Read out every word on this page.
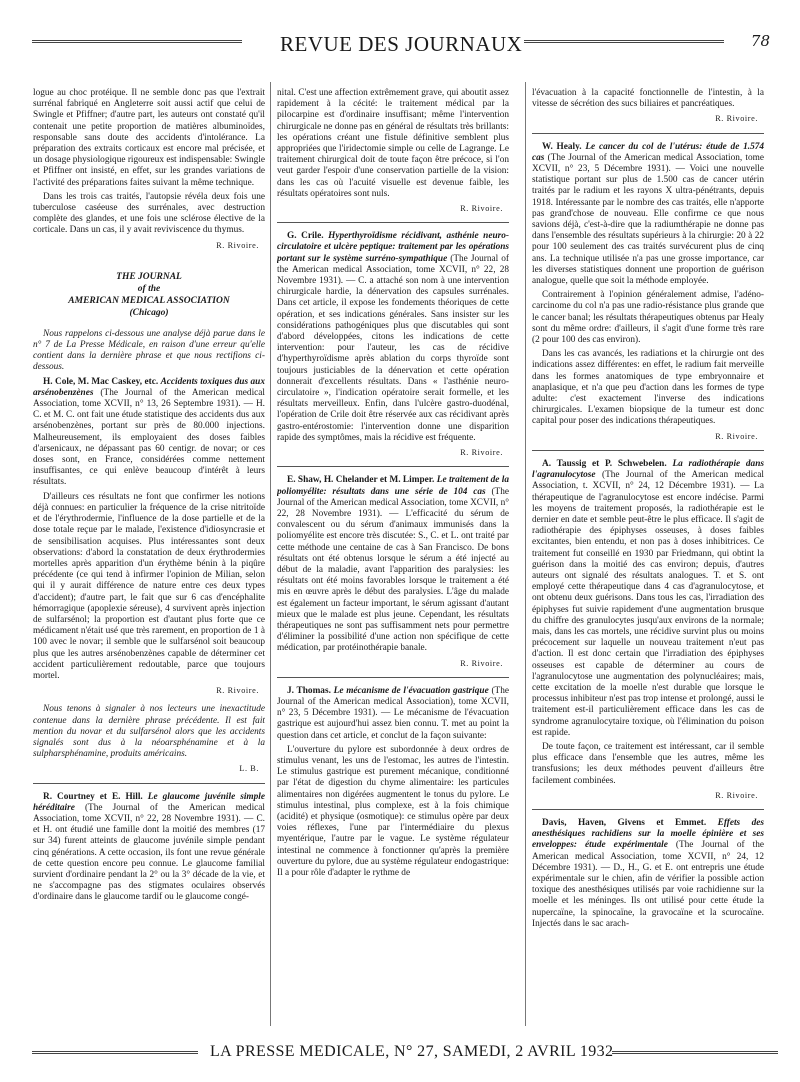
REVUE DES JOURNAUX	78

logue au choc protéique. Il ne semble donc pas que l'extrait surrénal fabriqué en Angleterre soit aussi actif que celui de Swingle et Pfiffner; d'autre part, les auteurs ont constaté qu'il contenait une petite proportion de matières albuminoïdes, responsable sans doute des accidents d'intolérance. La préparation des extraits corticaux est encore mal précisée, et un dosage physiologique rigoureux est indispensable: Swingle et Pfiffner ont insisté, en effet, sur les grandes variations de l'activité des préparations faites suivant la même technique.

Dans les trois cas traités, l'autopsie révéla deux fois une tuberculose caséeuse des surrénales, avec destruction complète des glandes, et une fois une sclérose élective de la corticale. Dans un cas, il y avait reviviscence du thymus.

R. Rivoire.
THE JOURNAL
of the
AMERICAN MEDICAL ASSOCIATION
(Chicago)

Nous rappelons ci-dessous une analyse déjà parue dans le n° 7 de La Presse Médicale, en raison d'une erreur qu'elle contient dans la dernière phrase et que nous rectifions ci-dessous.

H. Cole, M. Mac Caskey, etc. Accidents toxiques dus aux arsénobenzènes (The Journal of the American medical Association, tome XCVII, n° 13, 26 Septembre 1931). — H. C. et M. C. ont fait une étude statistique des accidents dus aux arsénobenzènes, portant sur près de 80.000 injections. Malheureusement, ils employaient des doses faibles d'arsenicaux, ne dépassant pas 60 centigr. de novar; or ces doses sont, en France, considérées comme nettement insuffisantes, ce qui enlève beaucoup d'intérêt à leurs résultats.

D'ailleurs ces résultats ne font que confirmer les notions déjà connues: en particulier la fréquence de la crise nitritoïde et de l'érythrodermie, l'influence de la dose partielle et de la dose totale reçue par le malade, l'existence d'idiosyncrasie et de sensibilisation acquises. Plus intéressantes sont deux observations: d'abord la constatation de deux érythrodermies mortelles après apparition d'un érythème bénin à la piqûre précédente (ce qui tend à infirmer l'opinion de Milian, selon qui il y aurait différence de nature entre ces deux types d'accident); d'autre part, le fait que sur 6 cas d'encéphalite hémorragique (apoplexie séreuse), 4 survivent après injection de sulfarsénol; la proportion est d'autant plus forte que ce médicament n'était usé que très rarement, en proportion de 1 à 100 avec le novar; il semble que le sulfarsénol soit beaucoup plus que les autres arsénobenzènes capable de déterminer cet accident particulièrement redoutable, parce que toujours mortel.

R. Rivoire.

Nous tenons à signaler à nos lecteurs une inexactitude contenue dans la dernière phrase précédente. Il est fait mention du novar et du sulfarsénol alors que les accidents signalés sont dus à la néoarsphénamine et à la sulpharsphénamine, produits américains.

L. B.

R. Courtney et E. Hill. Le glaucome juvénile simple héréditaire (The Journal of the American medical Association, tome XCVII, n° 22, 28 Novembre 1931). — C. et H. ont étudié une famille dont la moitié des membres (17 sur 34) furent atteints de glaucome juvénile simple pendant cinq générations. A cette occasion, ils font une revue générale de cette question encore peu connue. Le glaucome familial survient d'ordinaire pendant la 2° ou la 3° décade de la vie, et ne s'accompagne pas des stigmates oculaires observés d'ordinaire dans le glaucome tardif ou le glaucome congé-

nital. C'est une affection extrêmement grave, qui aboutit assez rapidement à la cécité: le traitement médical par la pilocarpine est d'ordinaire insuffisant; même l'intervention chirurgicale ne donne pas en général de résultats très brillants: les opérations créant une fistule définitive semblent plus appropriées que l'iridectomie simple ou celle de Lagrange. Le traitement chirurgical doit de toute façon être précoce, si l'on veut garder l'espoir d'une conservation partielle de la vision: dans les cas où l'acuité visuelle est devenue faible, les résultats opératoires sont nuls.

R. Rivoire.

G. Crile. Hyperthyroïdisme récidivant, asthénie neuro-circulatoire et ulcère peptique: traitement par les opérations portant sur le système surréno-sympathique (The Journal of the American medical Association, tome XCVII, n° 22, 28 Novembre 1931). — C. a attaché son nom à une intervention chirurgicale hardie, la dénervation des capsules surrénales. Dans cet article, il expose les fondements théoriques de cette opération, et ses indications générales. Sans insister sur les considérations pathogéniques plus que discutables qui sont d'abord développées, citons les indications de cette intervention: pour l'auteur, les cas de récidive d'hyperthyroïdisme après ablation du corps thyroïde sont toujours justiciables de la dénervation et cette opération donnerait d'excellents résultats. Dans « l'asthénie neuro-circulatoire », l'indication opératoire serait formelle, et les résultats merveilleux. Enfin, dans l'ulcère gastro-duodénal, l'opération de Crile doit être réservée aux cas récidivant après gastro-entérostomie: l'intervention donne une disparition rapide des symptômes, mais la récidive est fréquente.

R. Rivoire.

E. Shaw, H. Chelander et M. Limper. Le traitement de la poliomyélite: résultats dans une série de 104 cas (The Journal of the American medical Association, tome XCVII, n° 22, 28 Novembre 1931). — L'efficacité du sérum de convalescent ou du sérum d'animaux immunisés dans la poliomyélite est encore très discutée: S., C. et L. ont traité par cette méthode une centaine de cas à San Francisco. De bons résultats ont été obtenus lorsque le sérum a été injecté au début de la maladie, avant l'apparition des paralysies: les résultats ont été moins favorables lorsque le traitement a été mis en œuvre après le début des paralysies. L'âge du malade est également un facteur important, le sérum agissant d'autant mieux que le malade est plus jeune. Cependant, les résultats thérapeutiques ne sont pas suffisamment nets pour permettre d'éliminer la possibilité d'une action non spécifique de cette médication, par protéinothérapie banale.

R. Rivoire.

J. Thomas. Le mécanisme de l'évacuation gastrique (The Journal of the American medical Association), tome XCVII, n° 23, 5 Décembre 1931). — Le mécanisme de l'évacuation gastrique est aujourd'hui assez bien connu. T. met au point la question dans cet article, et conclut de la façon suivante:

L'ouverture du pylore est subordonnée à deux ordres de stimulus venant, les uns de l'estomac, les autres de l'intestin. Le stimulus gastrique est purement mécanique, conditionné par l'état de digestion du chyme alimentaire: les particules alimentaires non digérées augmentent le tonus du pylore. Le stimulus intestinal, plus complexe, est à la fois chimique (acidité) et physique (osmotique): ce stimulus opère par deux voies réflexes, l'une par l'intermédiaire du plexus myentérique, l'autre par le vague. Le système régulateur intestinal ne commence à fonctionner qu'après la première ouverture du pylore, due au système régulateur endogastrique: Il a pour rôle d'adapter le rythme de

l'évacuation à la capacité fonctionnelle de l'intestin, à la vitesse de sécrétion des sucs biliaires et pancréatiques.

R. Rivoire.

W. Healy. Le cancer du col de l'utérus: étude de 1.574 cas (The Journal of the American medical Association, tome XCVII, n° 23, 5 Décembre 1931). — Voici une nouvelle statistique portant sur plus de 1.500 cas de cancer utérin traités par le radium et les rayons X ultra-pénétrants, depuis 1918. Intéressante par le nombre des cas traités, elle n'apporte pas grand'chose de nouveau. Elle confirme ce que nous savions déjà, c'est-à-dire que la radiumthérapie ne donne pas dans l'ensemble des résultats supérieurs à la chirurgie: 20 à 22 pour 100 seulement des cas traités survécurent plus de cinq ans. La technique utilisée n'a pas une grosse importance, car les diverses statistiques donnent une proportion de guérison analogue, quelle que soit la méthode employée.

Contrairement à l'opinion généralement admise, l'adéno-carcinome du col n'a pas une radio-résistance plus grande que le cancer banal; les résultats thérapeutiques obtenus par Healy sont du même ordre: d'ailleurs, il s'agit d'une forme très rare (2 pour 100 des cas environ).

Dans les cas avancés, les radiations et la chirurgie ont des indications assez différentes: en effet, le radium fait merveille dans les formes anatomiques de type embryonnaire et anaplasique, et n'a que peu d'action dans les formes de type adulte: c'est exactement l'inverse des indications chirurgicales. L'examen biopsique de la tumeur est donc capital pour poser des indications thérapeutiques.

R. Rivoire.

A. Taussig et P. Schwebelen. La radiothérapie dans l'agranulocytose (The Journal of the American medical Association, t. XCVII, n° 24, 12 Décembre 1931). — La thérapeutique de l'agranulocytose est encore indécise. Parmi les moyens de traitement proposés, la radiothérapie est le dernier en date et semble peut-être le plus efficace. Il s'agit de radiothérapie des épiphyses osseuses, à doses faibles excitantes, bien entendu, et non pas à doses inhibitrices. Ce traitement fut conseillé en 1930 par Friedmann, qui obtint la guérison dans la moitié des cas environ; depuis, d'autres auteurs ont signalé des résultats analogues. T. et S. ont employé cette thérapeutique dans 4 cas d'agranulocytose, et ont obtenu deux guérisons. Dans tous les cas, l'irradiation des épiphyses fut suivie rapidement d'une augmentation brusque du chiffre des granulocytes jusqu'aux environs de la normale; mais, dans les cas mortels, une récidive survint plus ou moins précocement sur laquelle un nouveau traitement n'eut pas d'action. Il est donc certain que l'irradiation des épiphyses osseuses est capable de déterminer au cours de l'agranulocytose une augmentation des polynucléaires; mais, cette excitation de la moelle n'est durable que lorsque le processus inhibiteur n'est pas trop intense et prolongé, aussi le traitement est-il particulièrement efficace dans les cas de syndrome agranulocytaire toxique, où l'élimination du poison est rapide.

De toute façon, ce traitement est intéressant, car il semble plus efficace dans l'ensemble que les autres, même les transfusions; les deux méthodes peuvent d'ailleurs être facilement combinées.

R. Rivoire.

Davis, Haven, Givens et Emmet. Effets des anesthésiques rachidiens sur la moelle épinière et ses enveloppes: étude expérimentale (The Journal of the American medical Association, tome XCVII, n° 24, 12 Décembre 1931). — D., H., G. et E. ont entrepris une étude expérimentale sur le chien, afin de vérifier la possible action toxique des anesthésiques utilisés par voie rachidienne sur la moelle et les méninges. Ils ont utilisé pour cette étude la nupercaïne, la spinocaïne, la gravocaïne et la scurocaïne. Injectés dans le sac arach-

LA PRESSE MEDICALE, N° 27, SAMEDI, 2 AVRIL 1932
